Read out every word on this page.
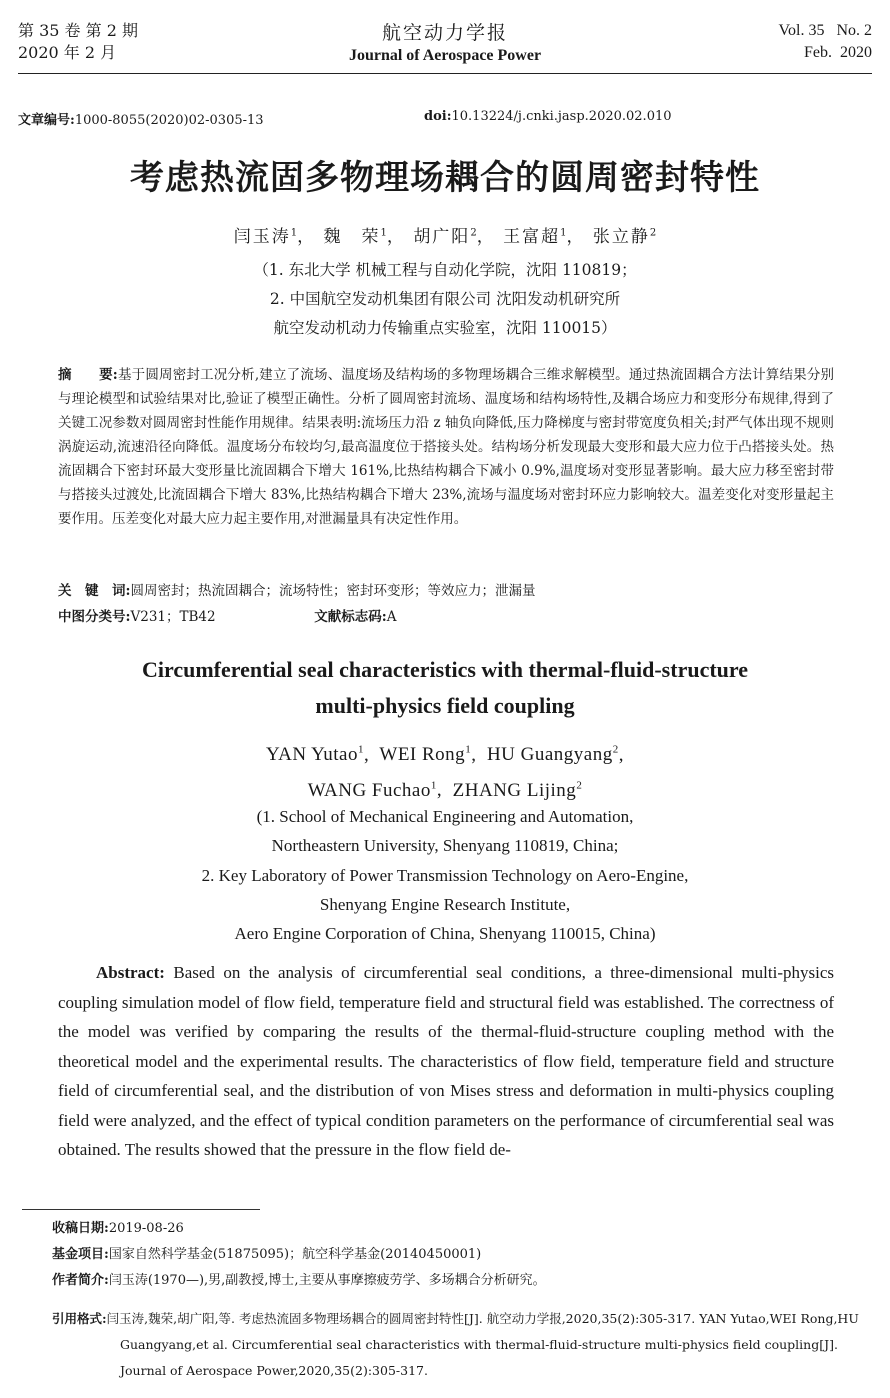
第 35 卷 第 2 期
2020 年 2 月
航空动力学报
Journal of Aerospace Power
Vol. 35   No. 2
Feb.  2020
文章编号:1000-8055(2020)02-0305-13	doi:10.13224/j.cnki.jasp.2020.02.010
考虑热流固多物理场耦合的圆周密封特性
闫玉涛$^1$， 魏　荣$^1$， 胡广阳$^2$， 王富超$^1$， 张立静$^2$
（1. 东北大学 机械工程与自动化学院，沈阳 110819；
2. 中国航空发动机集团有限公司 沈阳发动机研究所
航空发动机动力传输重点实验室，沈阳 110015）

摘　　要:基于圆周密封工况分析,建立了流场、温度场及结构场的多物理场耦合三维求解模型。通过热流固耦合方法计算结果分别与理论模型和试验结果对比,验证了模型正确性。分析了圆周密封流场、温度场和结构场特性,及耦合场应力和变形分布规律,得到了关键工况参数对圆周密封性能作用规律。结果表明:流场压力沿 z 轴负向降低,压力降梯度与密封带宽度负相关;封严气体出现不规则涡旋运动,流速沿径向降低。温度场分布较均匀,最高温度位于搭接头处。结构场分析发现最大变形和最大应力位于凸搭接头处。热流固耦合下密封环最大变形量比流固耦合下增大 161%,比热结构耦合下减小 0.9%,温度场对变形显著影响。最大应力移至密封带与搭接头过渡处,比流固耦合下增大 83%,比热结构耦合下增大 23%,流场与温度场对密封环应力影响较大。温差变化对变形量起主要作用。压差变化对最大应力起主要作用,对泄漏量具有决定性作用。

关　键　词:圆周密封；热流固耦合；流场特性；密封环变形；等效应力；泄漏量
中图分类号:V231；TB42	文献标志码:A
Circumferential seal characteristics with thermal-fluid-structure
multi-physics field coupling
YAN Yutao$^1$,  WEI Rong$^1$,  HU Guangyang$^2$,
WANG Fuchao$^1$,  ZHANG Lijing$^2$
(1. School of Mechanical Engineering and Automation,
Northeastern University, Shenyang 110819, China;
2. Key Laboratory of Power Transmission Technology on Aero-Engine,
Shenyang Engine Research Institute,
Aero Engine Corporation of China, Shenyang 110015, China)

Abstract: Based on the analysis of circumferential seal conditions, a three-dimensional multi-physics coupling simulation model of flow field, temperature field and structural field was established. The correctness of the model was verified by comparing the results of the thermal-fluid-structure coupling method with the theoretical model and the experimental results. The characteristics of flow field, temperature field and structure field of circumferential seal, and the distribution of von Mises stress and deformation in multi-physics coupling field were analyzed, and the effect of typical condition parameters on the performance of circumferential seal was obtained. The results showed that the pressure in the flow field de-

收稿日期:2019-08-26
基金项目:国家自然科学基金(51875095)；航空科学基金(20140450001)
作者简介:闫玉涛(1970—),男,副教授,博士,主要从事摩擦疲劳学、多场耦合分析研究。
引用格式:闫玉涛,魏荣,胡广阳,等. 考虑热流固多物理场耦合的圆周密封特性[J]. 航空动力学报,2020,35(2):305-317. YAN Yutao,WEI Rong,HU Guangyang,et al. Circumferential seal characteristics with thermal-fluid-structure multi-physics field coupling[J]. Journal of Aerospace Power,2020,35(2):305-317.
